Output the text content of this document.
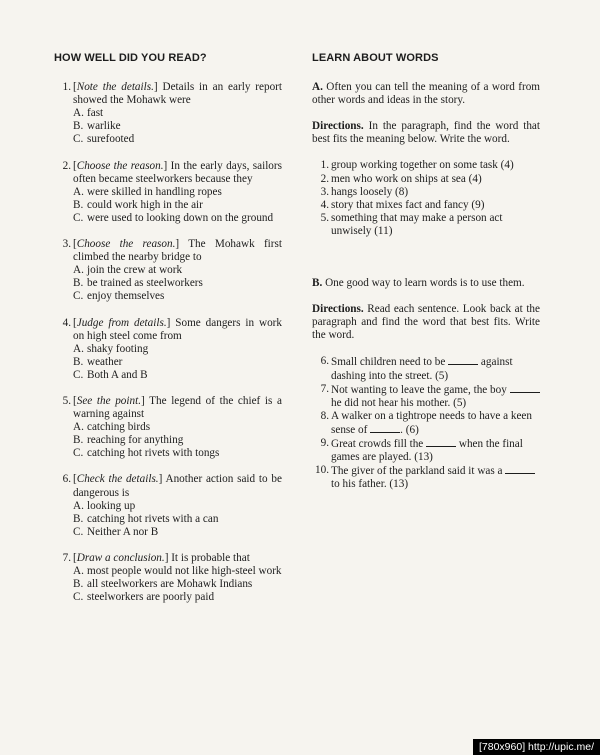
HOW WELL DID YOU READ?
1. [Note the details.] Details in an early report showed the Mohawk were
A. fast
B. warlike
C. surefooted
2. [Choose the reason.] In the early days, sailors often became steelworkers because they
A. were skilled in handling ropes
B. could work high in the air
C. were used to looking down on the ground
3. [Choose the reason.] The Mohawk first climbed the nearby bridge to
A. join the crew at work
B. be trained as steelworkers
C. enjoy themselves
4. [Judge from details.] Some dangers in work on high steel come from
A. shaky footing
B. weather
C. Both A and B
5. [See the point.] The legend of the chief is a warning against
A. catching birds
B. reaching for anything
C. catching hot rivets with tongs
6. [Check the details.] Another action said to be dangerous is
A. looking up
B. catching hot rivets with a can
C. Neither A nor B
7. [Draw a conclusion.] It is probable that
A. most people would not like high-steel work
B. all steelworkers are Mohawk Indians
C. steelworkers are poorly paid
LEARN ABOUT WORDS

A. Often you can tell the meaning of a word from other words and ideas in the story.

Directions. In the paragraph, find the word that best fits the meaning below. Write the word.

1. group working together on some task (4)
2. men who work on ships at sea (4)
3. hangs loosely (8)
4. story that mixes fact and fancy (9)
5. something that may make a person act unwisely (11)

B. One good way to learn words is to use them.

Directions. Read each sentence. Look back at the paragraph and find the word that best fits. Write the word.

6. Small children need to be	against dashing into the street. (5)
7. Not wanting to leave the game, the boy  he did not hear his mother. (5)
8. A walker on a tightrope needs to have a keen sense of	. (6)
9. Great crowds fill the	when the final games are played. (13)
10. The giver of the parkland said it was a  to his father. (13)
[780x960] http://upic.me/
